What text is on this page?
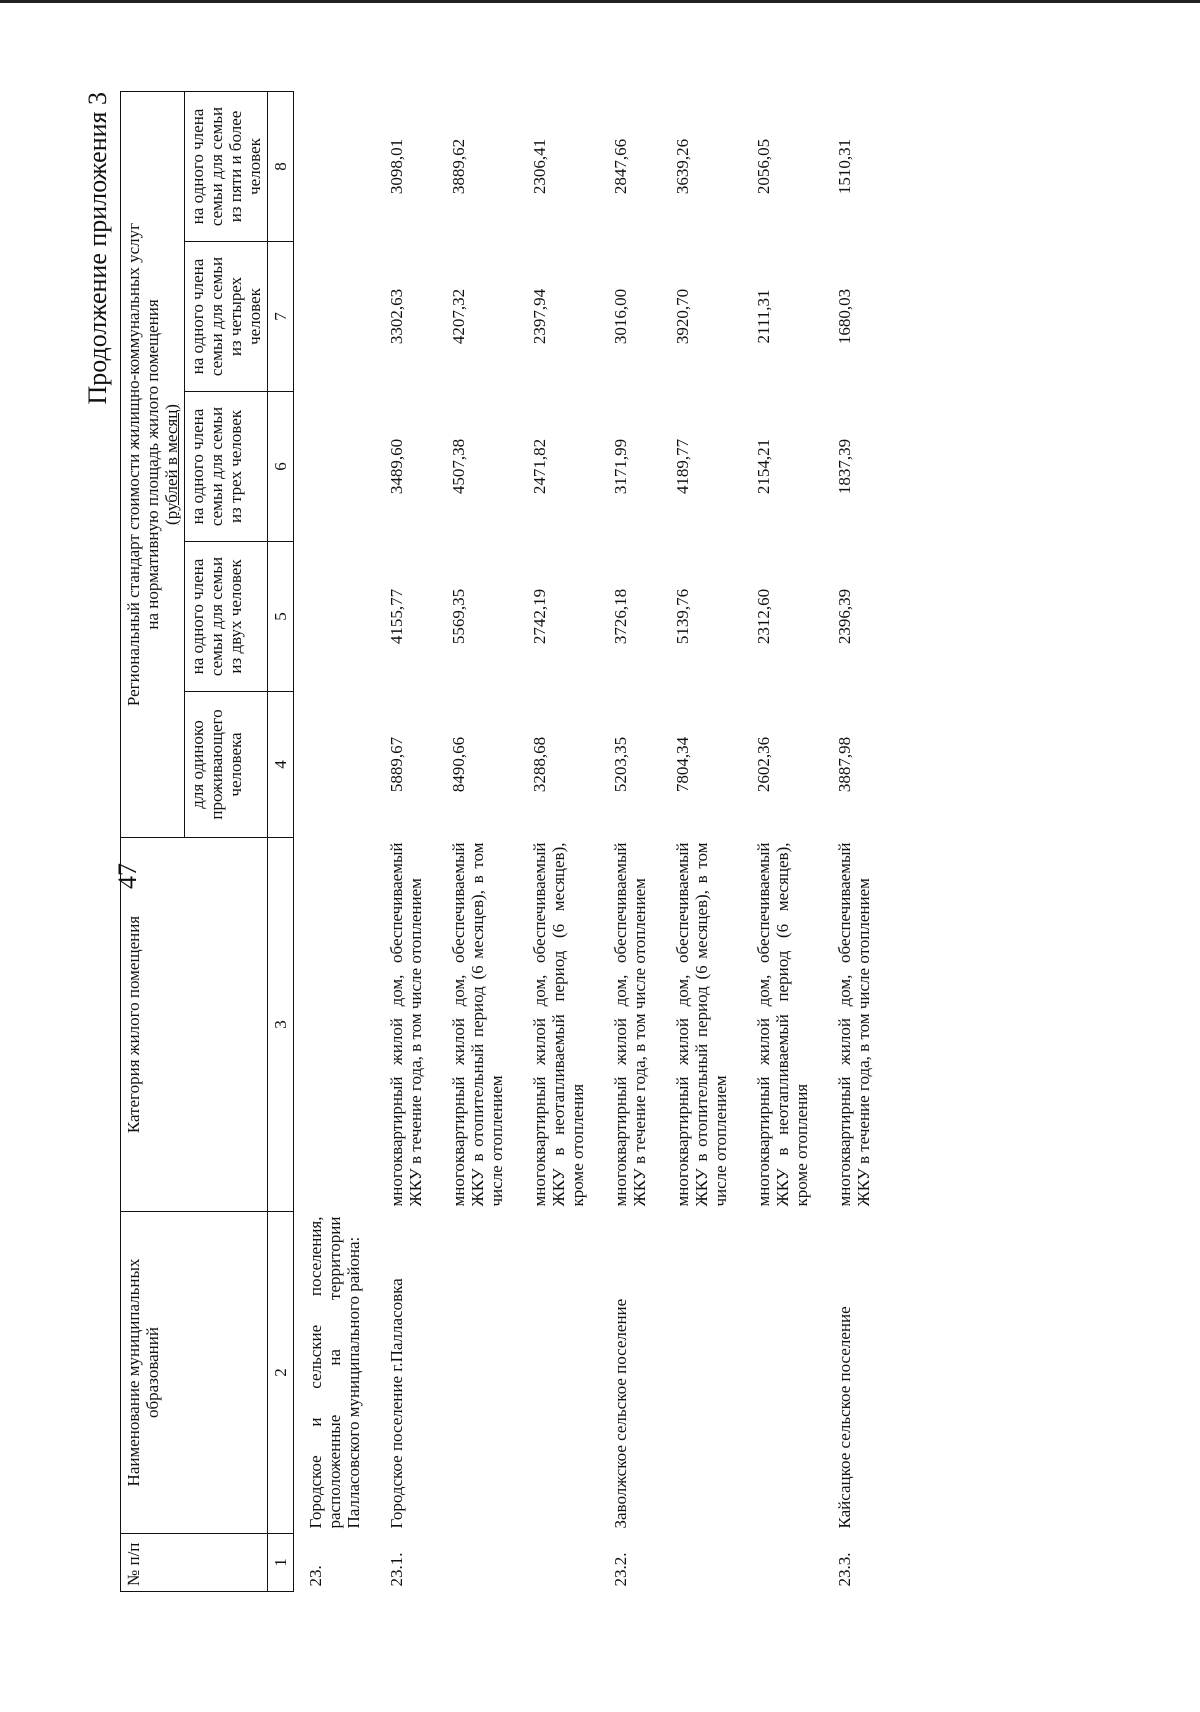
47
Продолжение приложения 3
№ п/п	Наименование муниципальных образований	Категория жилого помещения	Региональный стандарт стоимости жилищно-коммунальных услуг на нормативную площадь жилого помещения (рублей в месяц)				

			для одиноко проживающего человека	на одного члена семьи для семьи из двух человек	на одного члена семьи для семьи из трех человек	на одного члена семьи для семьи из четырех человек	на одного члена семьи для семьи из пяти и более человек
1	2	3	4	5	6	7	8
23.	Городское и сельские поселения, расположенные на территории Палласовского муниципального района:						
23.1.	Городское поселение г.Палласовка	многоквартирный жилой дом, обеспечиваемый ЖКУ в течение года, в том числе отоплением	5889,67	4155,77	3489,60	3302,63	3098,01
		многоквартирный жилой дом, обеспечиваемый ЖКУ в отопительный период (6 месяцев), в том числе отоплением	8490,66	5569,35	4507,38	4207,32	3889,62
		многоквартирный жилой дом, обеспечиваемый ЖКУ в неотапливаемый период (6 месяцев), кроме отопления	3288,68	2742,19	2471,82	2397,94	2306,41
23.2.	Заволжское сельское поселение	многоквартирный жилой дом, обеспечиваемый ЖКУ в течение года, в том числе отоплением	5203,35	3726,18	3171,99	3016,00	2847,66
		многоквартирный жилой дом, обеспечиваемый ЖКУ в отопительный период (6 месяцев), в том числе отоплением	7804,34	5139,76	4189,77	3920,70	3639,26
		многоквартирный жилой дом, обеспечиваемый ЖКУ в неотапливаемый период (6 месяцев), кроме отопления	2602,36	2312,60	2154,21	2111,31	2056,05
23.3.	Кайсацкое сельское поселение	многоквартирный жилой дом, обеспечиваемый ЖКУ в течение года, в том числе отоплением	3887,98	2396,39	1837,39	1680,03	1510,31
